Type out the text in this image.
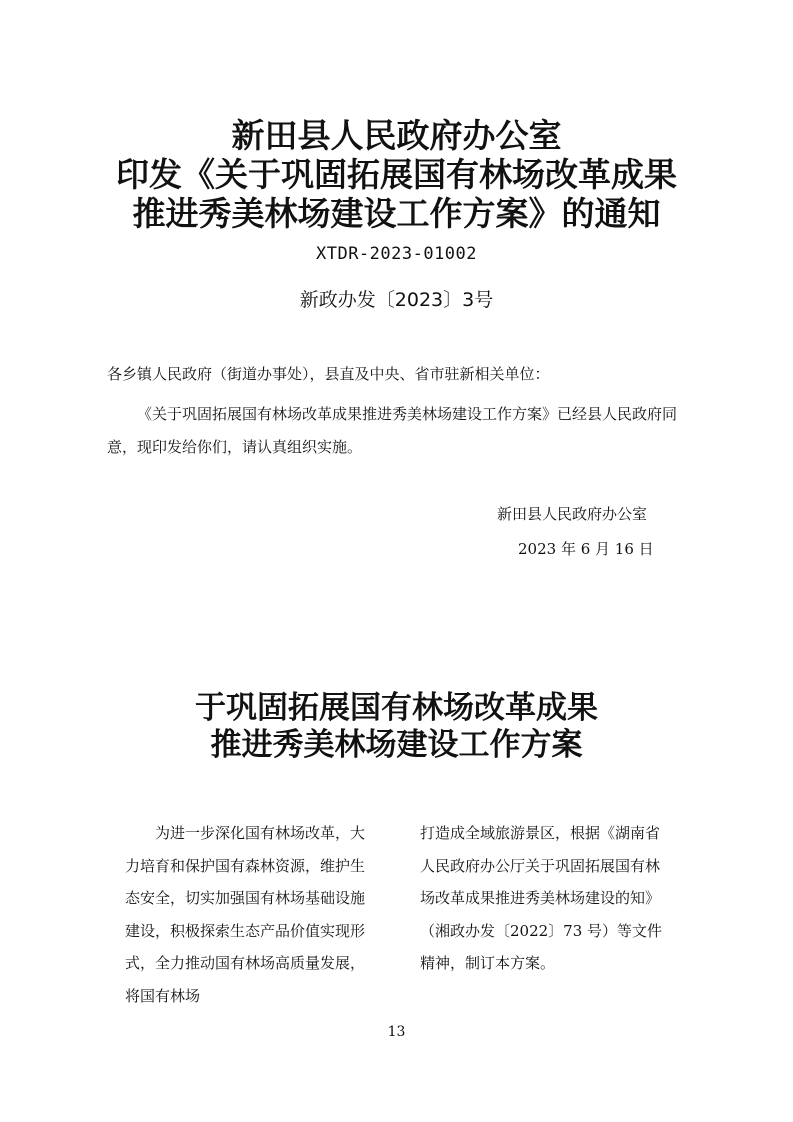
新田县人民政府办公室
印发《关于巩固拓展国有林场改革成果
推进秀美林场建设工作方案》的通知
XTDR-2023-01002
新政办发〔2023〕3号
各乡镇人民政府（街道办事处），县直及中央、省市驻新相关单位：
《关于巩固拓展国有林场改革成果推进秀美林场建设工作方案》已经县人民政府同意，现印发给你们，请认真组织实施。
新田县人民政府办公室
2023 年 6 月 16 日
于巩固拓展国有林场改革成果
推进秀美林场建设工作方案
为进一步深化国有林场改革，大力培育和保护国有森林资源，维护生态安全，切实加强国有林场基础设施建设，积极探索生态产品价值实现形式，全力推动国有林场高质量发展，将国有林场
打造成全域旅游景区，根据《湖南省人民政府办公厅关于巩固拓展国有林场改革成果推进秀美林场建设的知》（湘政办发〔2022〕73 号）等文件精神，制订本方案。
13
